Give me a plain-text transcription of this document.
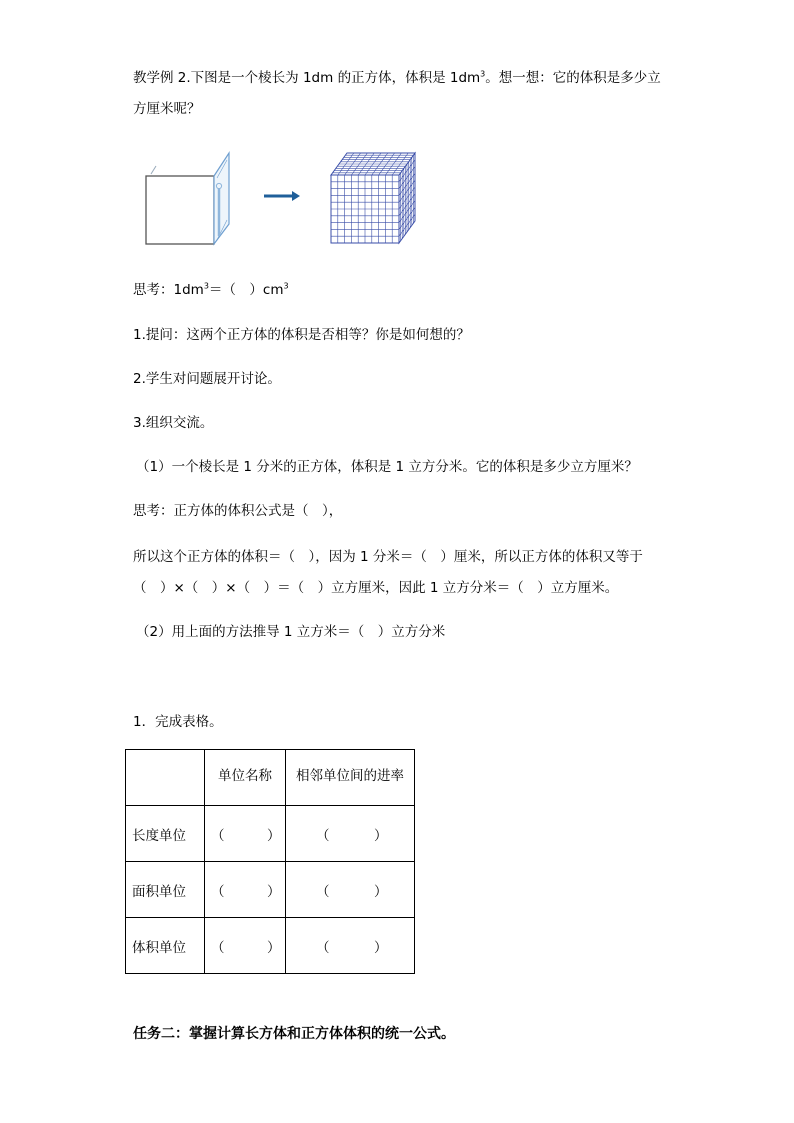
教学例 2.下图是一个棱长为 1dm 的正方体，体积是 $1dm^3$。想一想：它的体积是多少立
方厘米呢？
思考：$1dm^3=$（　）$cm^3$
1.提问：这两个正方体的体积是否相等？你是如何想的？
2.学生对问题展开讨论。
3.组织交流。
（1）一个棱长是 1 分米的正方体，体积是 1 立方分米。它的体积是多少立方厘米？
思考：正方体的体积公式是（　），
所以这个正方体的体积＝（　），因为 1 分米＝（　）厘米，所以正方体的体积又等于
（　）×（　）×（　）＝（　）立方厘米，因此 1 立方分米＝（　）立方厘米。
（2）用上面的方法推导 1 立方米＝（　）立方分米
1．完成表格。
	单位名称	相邻单位间的进率
长度单位	（ ）	（ ）

面积单位	（ ）	（ ）

体积单位	（ ）	（ ）
任务二：掌握计算长方体和正方体体积的统一公式。
